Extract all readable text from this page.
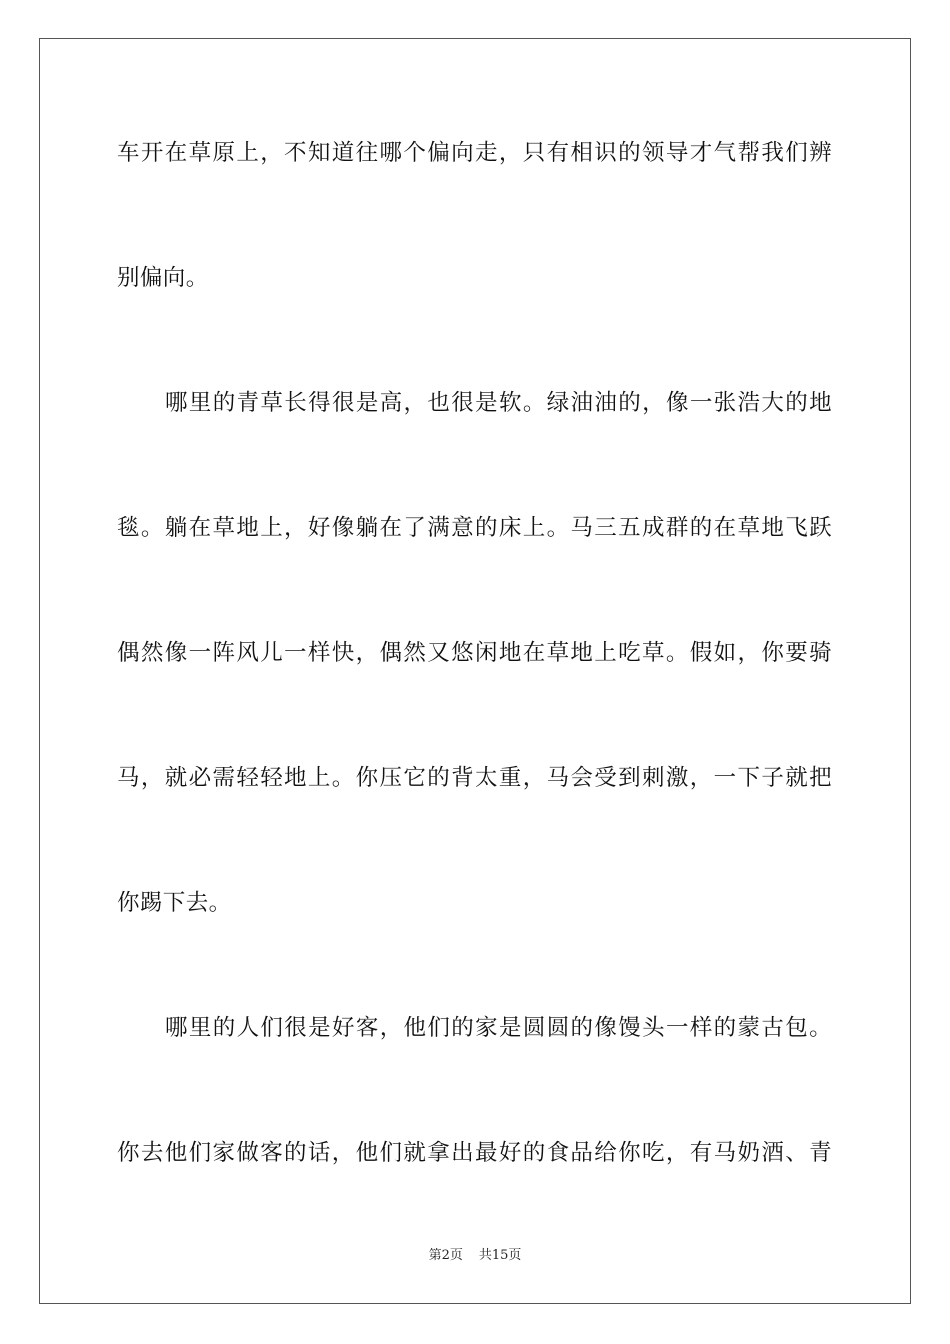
车开在草原上，不知道往哪个偏向走，只有相识的领导才气帮我们辨
别偏向。
哪里的青草长得很是高，也很是软。绿油油的，像一张浩大的地
毯。躺在草地上，好像躺在了满意的床上。马三五成群的在草地飞跃
偶然像一阵风儿一样快，偶然又悠闲地在草地上吃草。假如，你要骑
马，就必需轻轻地上。你压它的背太重，马会受到刺激，一下子就把
你踢下去。
哪里的人们很是好客，他们的家是圆圆的像馒头一样的蒙古包。
你去他们家做客的话，他们就拿出最好的食品给你吃，有马奶酒、青
第2页 共15页
